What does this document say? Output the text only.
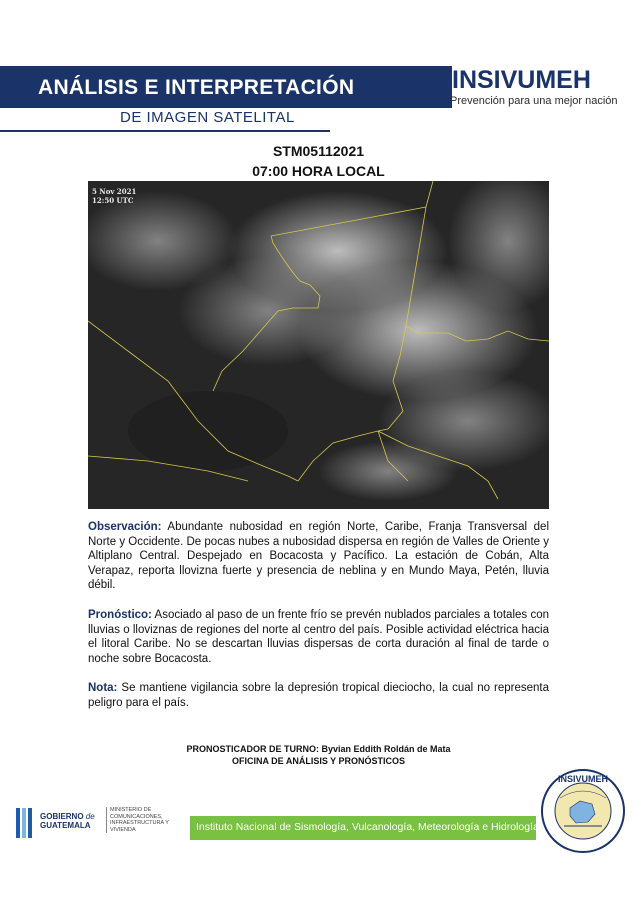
ANÁLISIS E INTERPRETACIÓN
DE IMAGEN SATELITAL
INSIVUMEH
Prevención para una mejor nación
STM05112021
07:00 HORA LOCAL
5 Nov 2021
12:50 UTC
Observación: Abundante nubosidad en región Norte, Caribe, Franja Transversal del Norte y Occidente. De pocas nubes a nubosidad dispersa en región de Valles de Oriente y Altiplano Central. Despejado en Bocacosta y Pacífico. La estación de Cobán, Alta Verapaz, reporta llovizna fuerte y presencia de neblina y en Mundo Maya, Petén, lluvia débil.
Pronóstico: Asociado al paso de un frente frío se prevén nublados parciales a totales con lluvias o lloviznas de regiones del norte al centro del país. Posible actividad eléctrica hacia el litoral Caribe. No se descartan lluvias dispersas de corta duración al final de tarde o noche sobre Bocacosta.
Nota: Se mantiene vigilancia sobre la depresión tropical dieciocho, la cual no representa peligro para el país.
PRONOSTICADOR DE TURNO: Byvian Eddith Roldán de Mata
OFICINA DE ANÁLISIS Y PRONÓSTICOS
GOBIERNO de
GUATEMALA
MINISTERIO DE COMUNICACIONES, INFRAESTRUCTURA Y VIVIENDA	Instituto Nacional de Sismología, Vulcanología, Meteorología e Hidrología
INSIVUMEH
